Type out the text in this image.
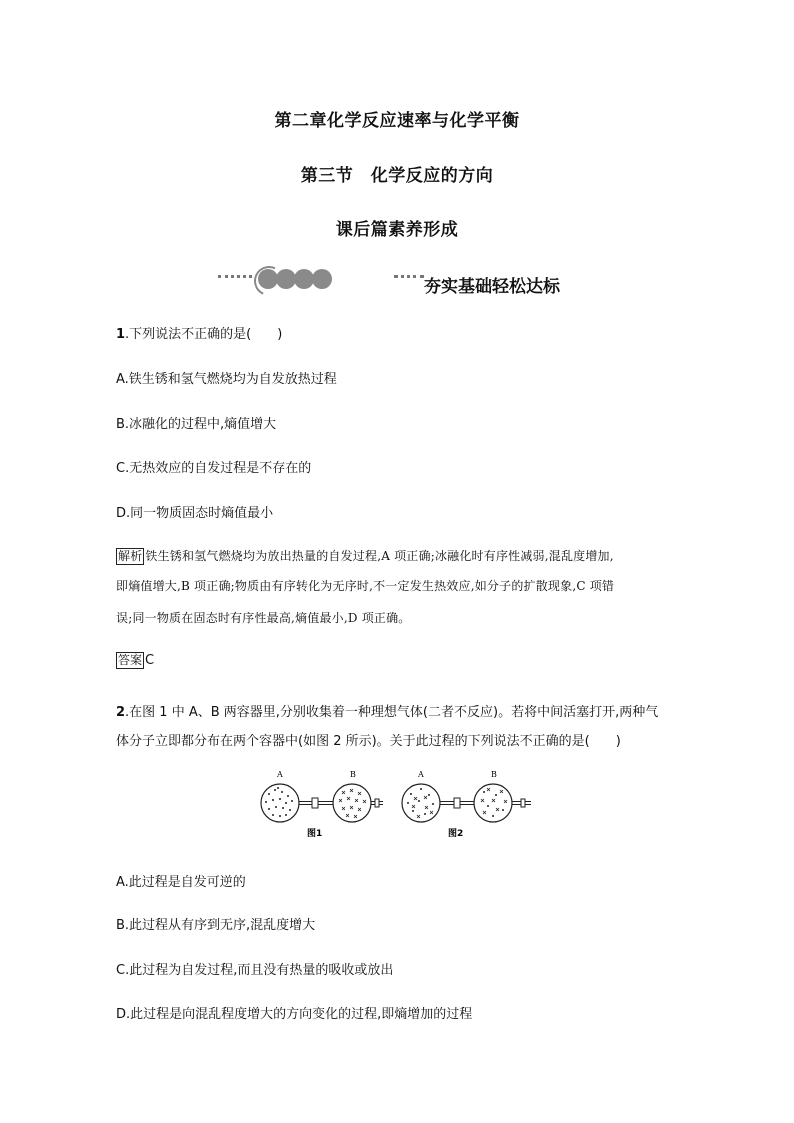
第二章化学反应速率与化学平衡
第三节　化学反应的方向
课后篇素养形成
夯实基础轻松达标
1.下列说法不正确的是(　　)
A.铁生锈和氢气燃烧均为自发放热过程
B.冰融化的过程中,熵值增大
C.无热效应的自发过程是不存在的
D.同一物质固态时熵值最小
解析 铁生锈和氢气燃烧均为放出热量的自发过程,A 项正确;冰融化时有序性减弱,混乱度增加,
即熵值增大,B 项正确;物质由有序转化为无序时,不一定发生热效应,如分子的扩散现象,C 项错
误;同一物质在固态时有序性最高,熵值最小,D 项正确。
答案 C
2.在图 1 中 A、B 两容器里,分别收集着一种理想气体(二者不反应)。若将中间活塞打开,两种气
体分子立即都分布在两个容器中(如图 2 所示)。关于此过程的下列说法不正确的是(　　)
A	B
图1
A	B
图2
A.此过程是自发可逆的
B.此过程从有序到无序,混乱度增大
C.此过程为自发过程,而且没有热量的吸收或放出
D.此过程是向混乱程度增大的方向变化的过程,即熵增加的过程
